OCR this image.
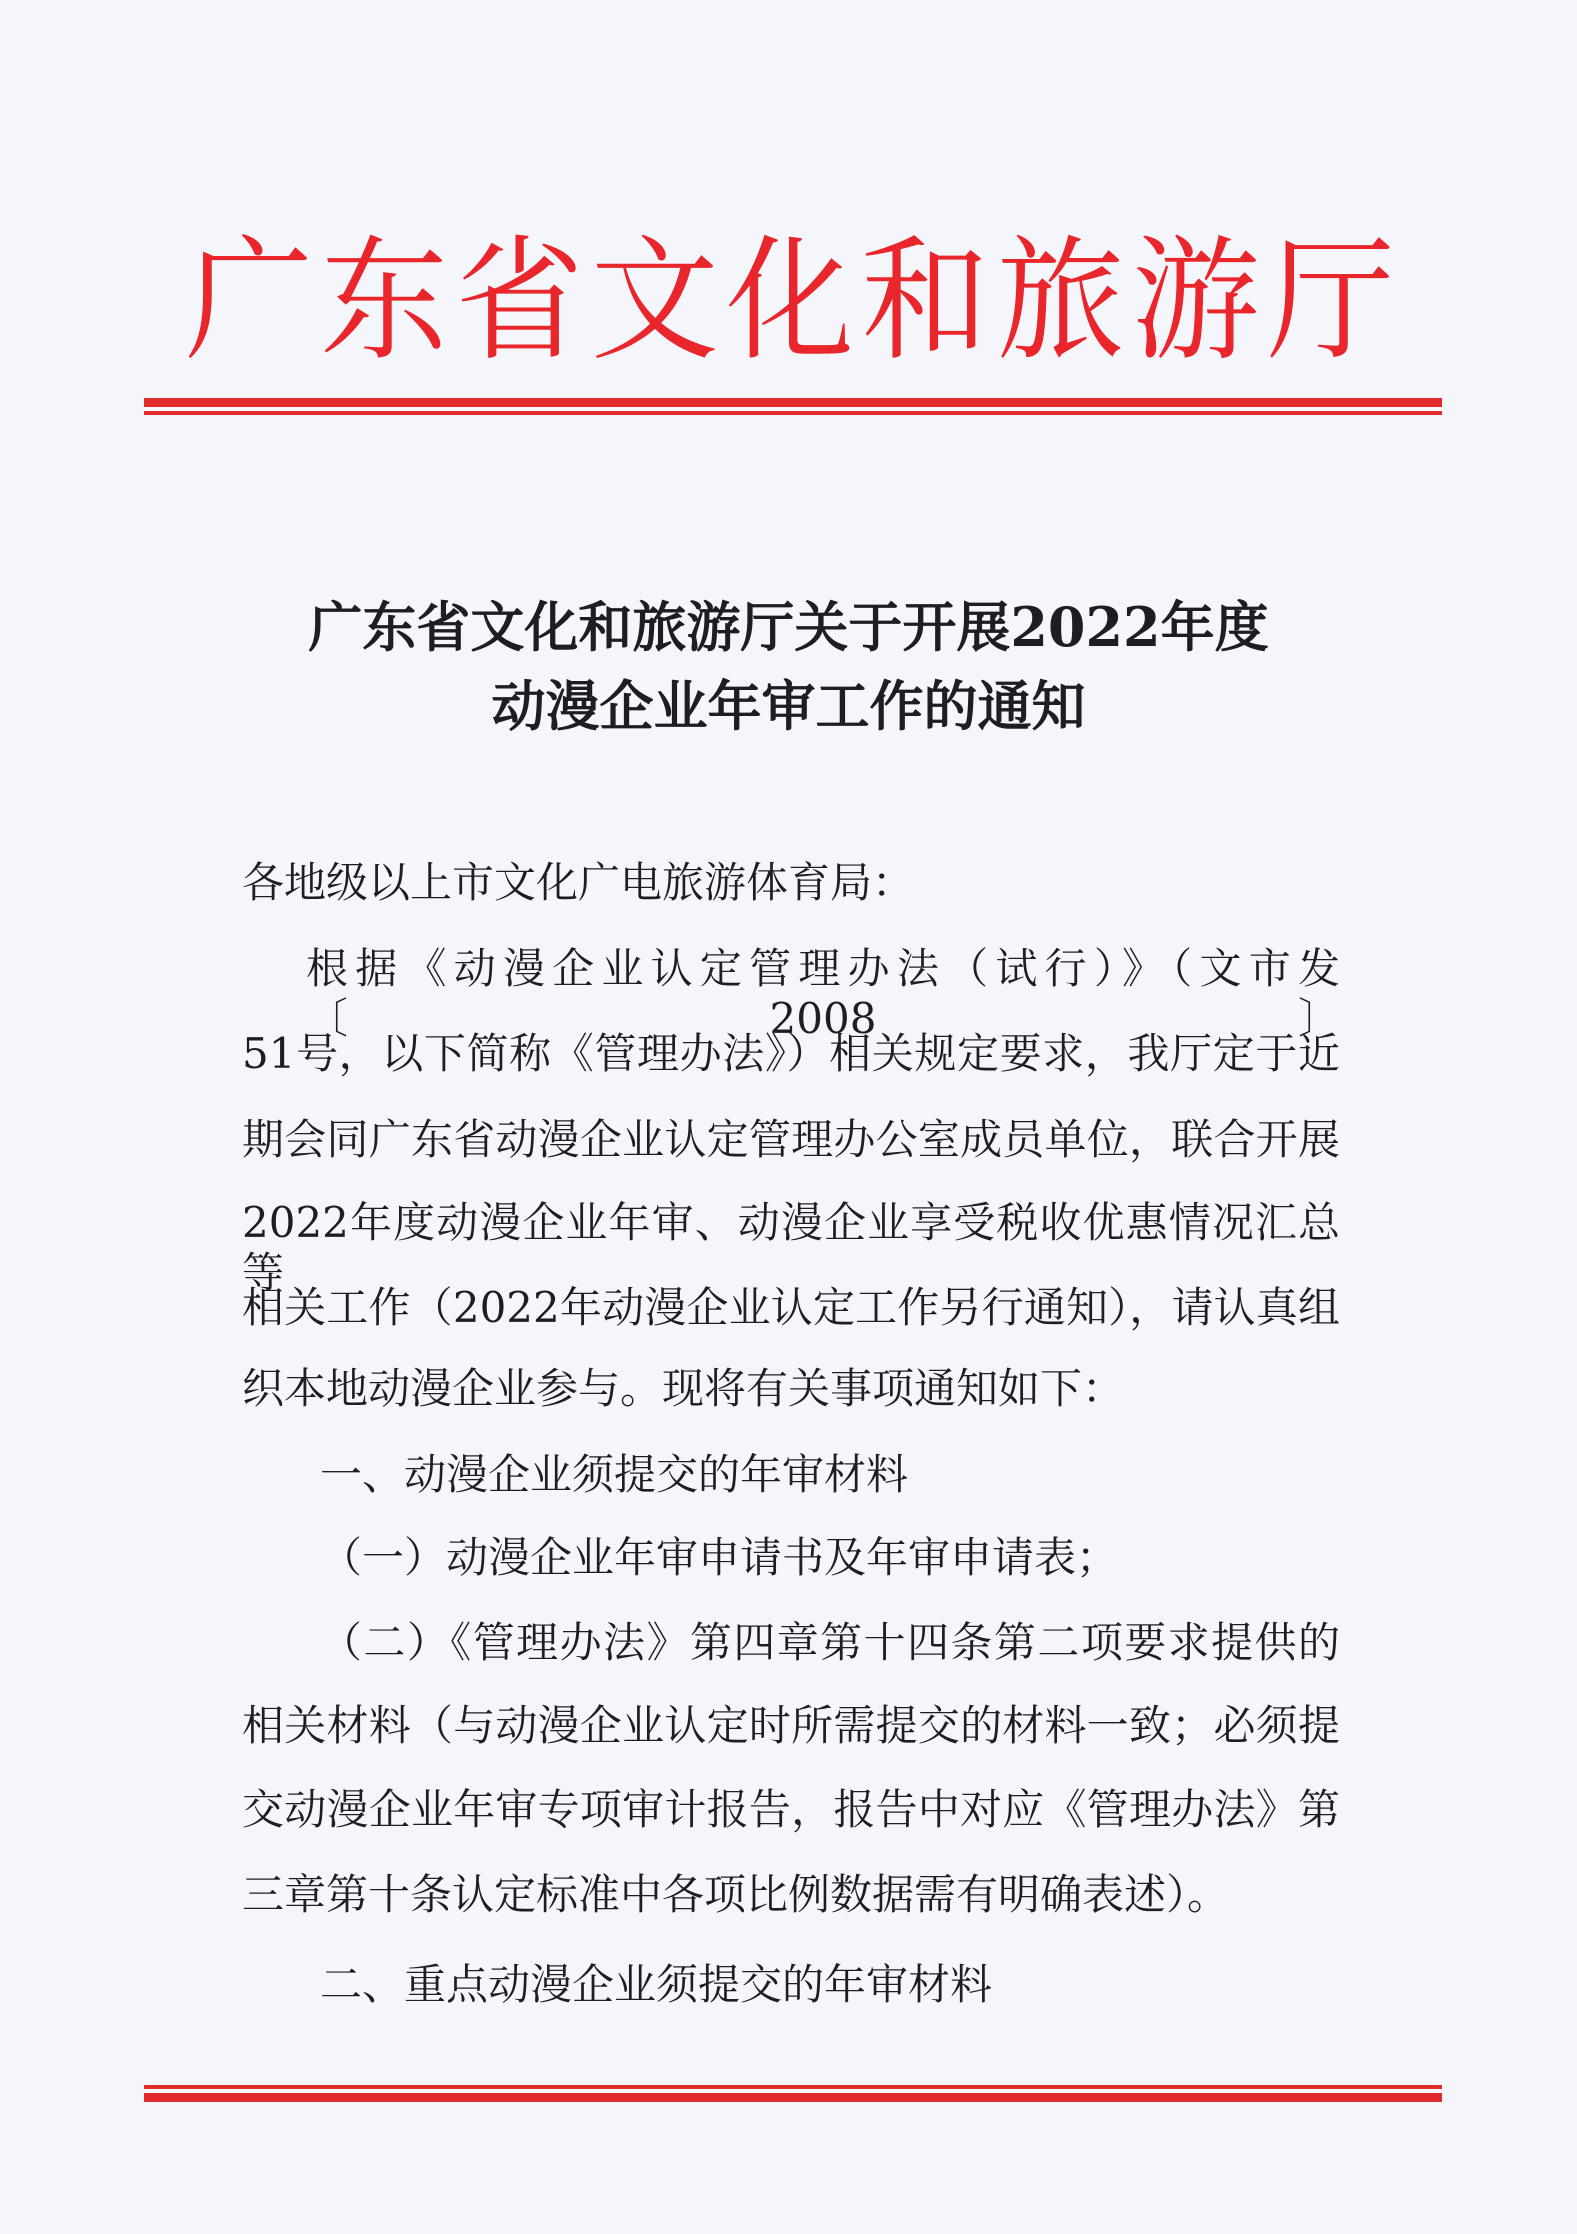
广东省文化和旅游厅
广东省文化和旅游厅关于开展2022年度
动漫企业年审工作的通知
各地级以上市文化广电旅游体育局：
根据《动漫企业认定管理办法（试行）》（文市发〔2008〕
51号，以下简称《管理办法》）相关规定要求，我厅定于近
期会同广东省动漫企业认定管理办公室成员单位，联合开展
2022年度动漫企业年审、动漫企业享受税收优惠情况汇总等
相关工作（2022年动漫企业认定工作另行通知），请认真组
织本地动漫企业参与。现将有关事项通知如下：
一、动漫企业须提交的年审材料
（一）动漫企业年审申请书及年审申请表；
（二）《管理办法》第四章第十四条第二项要求提供的
相关材料（与动漫企业认定时所需提交的材料一致；必须提
交动漫企业年审专项审计报告，报告中对应《管理办法》第
三章第十条认定标准中各项比例数据需有明确表述）。
二、重点动漫企业须提交的年审材料
